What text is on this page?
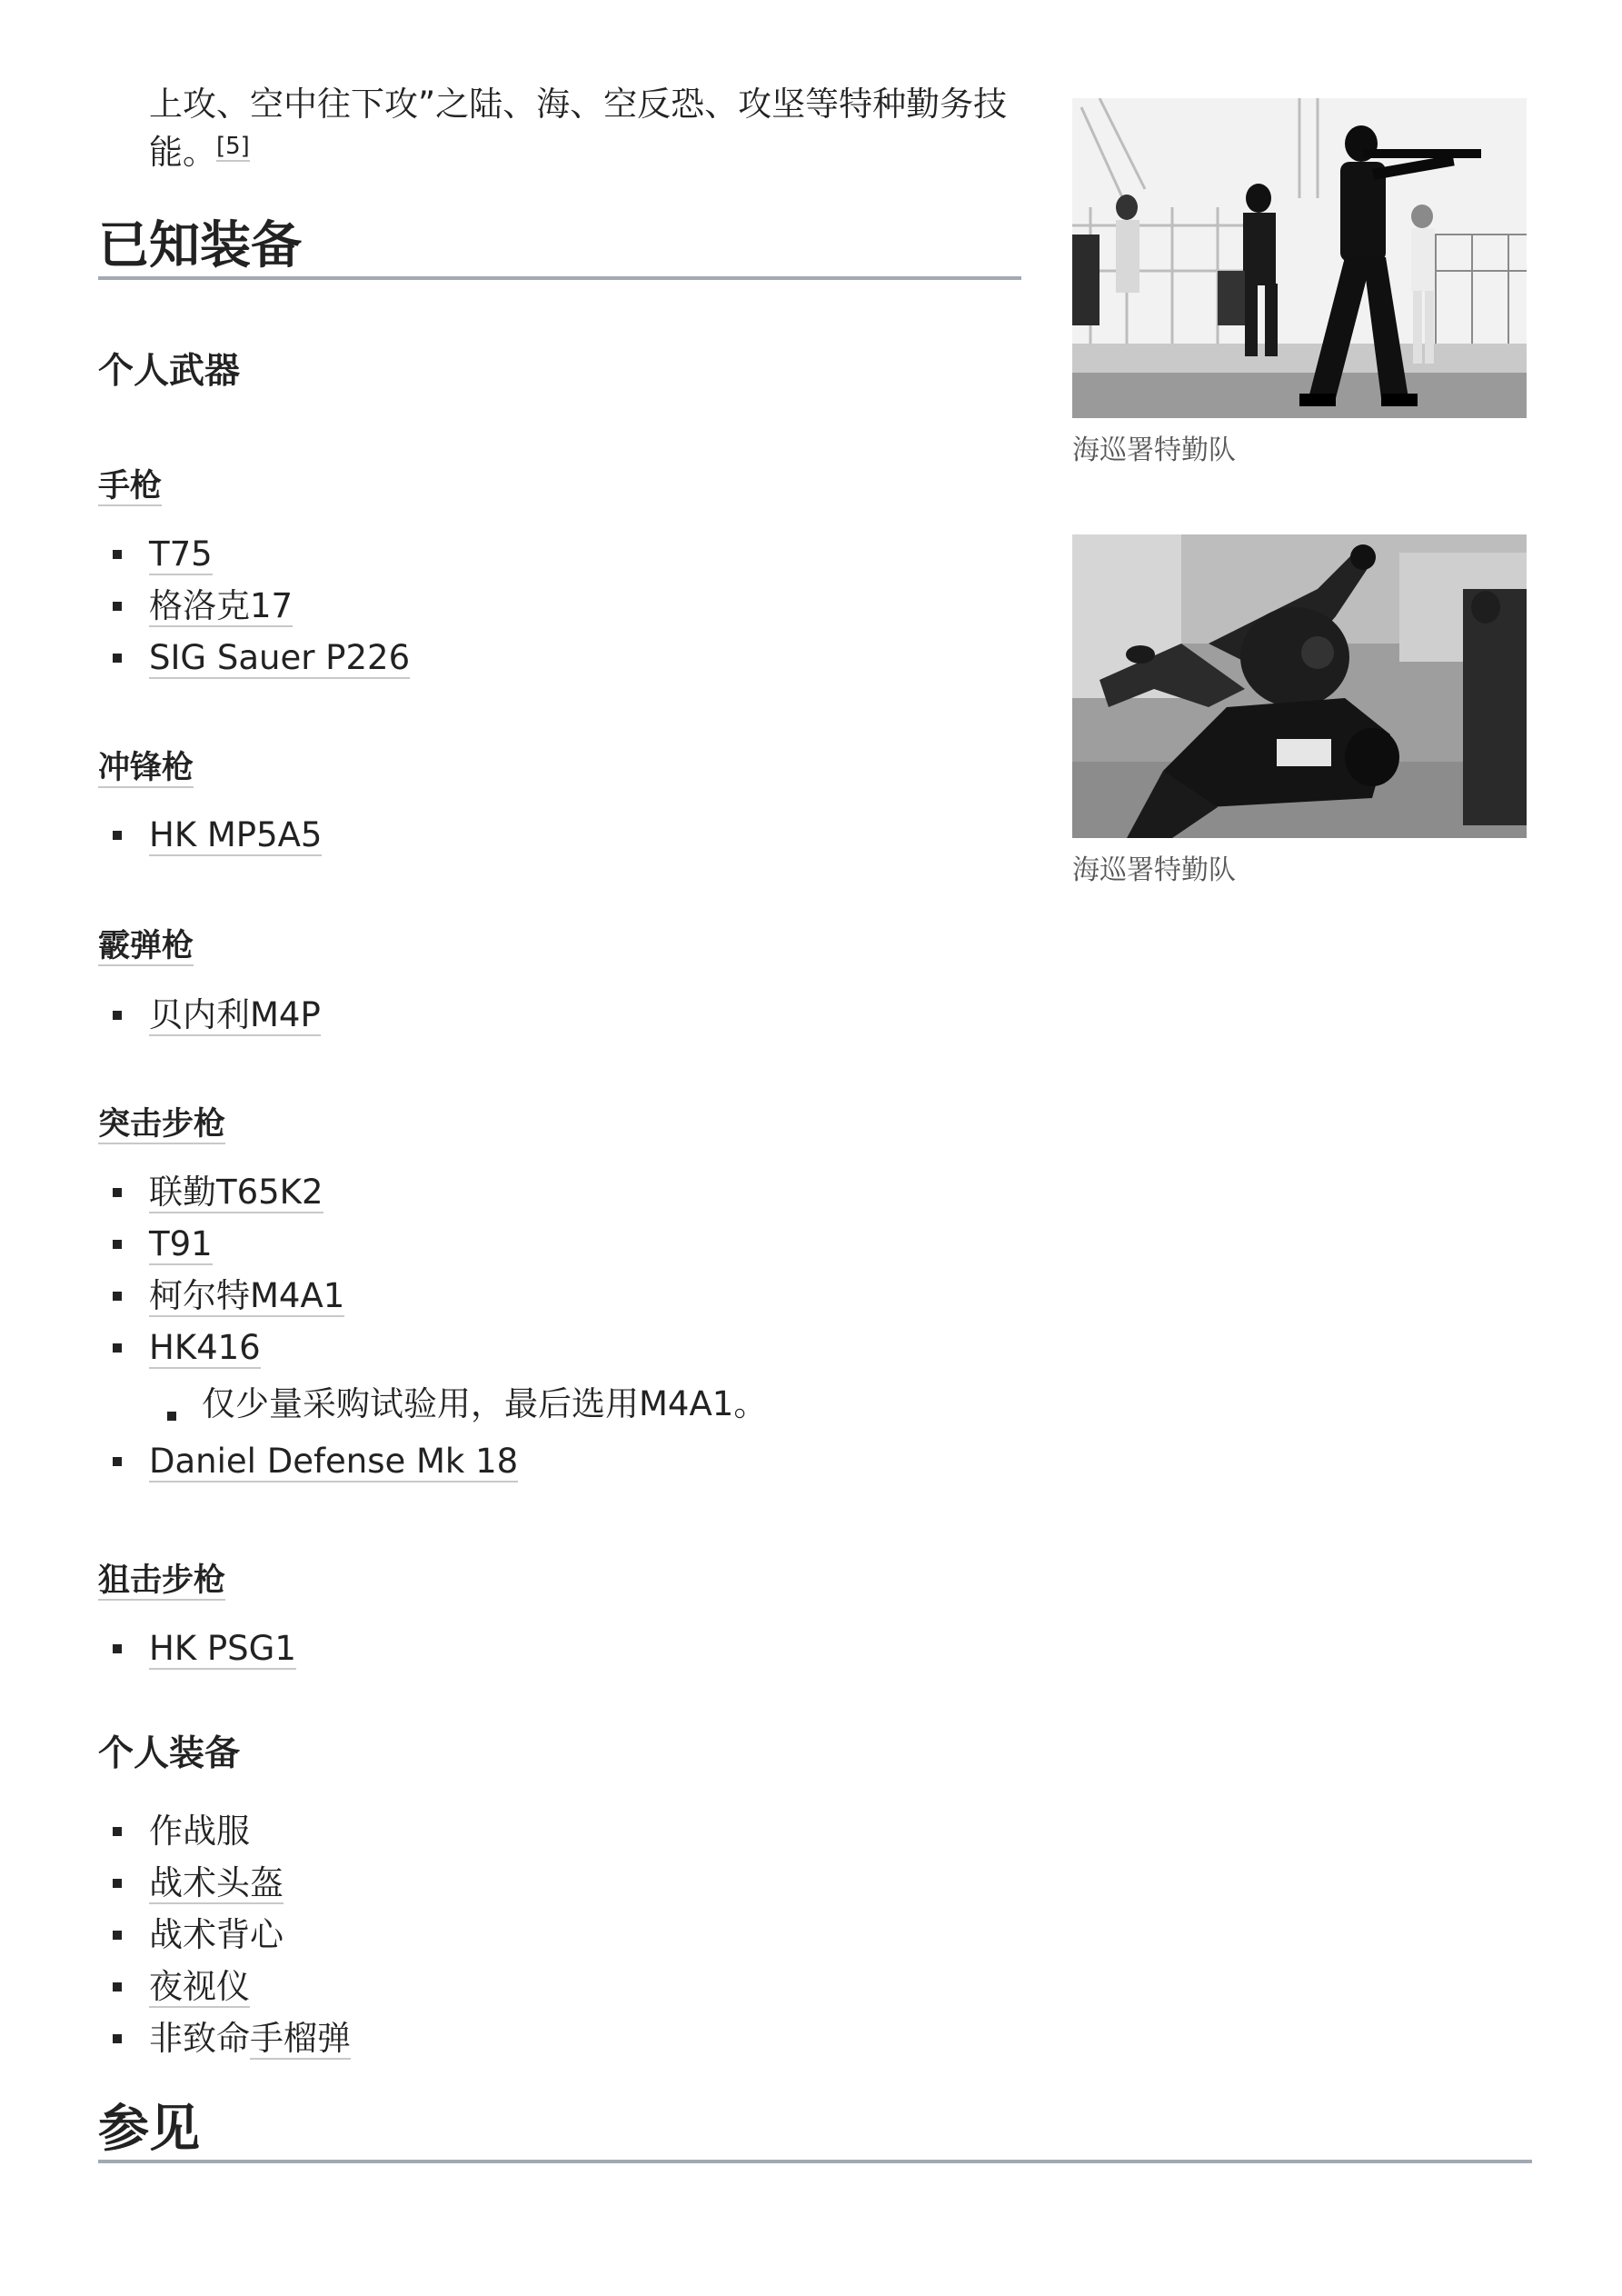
上攻、空中往下攻”之陆、海、空反恐、攻坚等特种勤务技
能。[5]

已知装备
个人武器
手枪
T75
格洛克17
SIG Sauer P226
冲锋枪
HK MP5A5
霰弹枪
贝内利M4P
突击步枪
联勤T65K2
T91
柯尔特M4A1
HK416
仅少量采购试验用，最后选用M4A1。
Daniel Defense Mk 18
狙击步枪
HK PSG1
个人装备
作战服
战术头盔
战术背心
夜视仪
非致命手榴弹
参见
海巡署特勤队
海巡署特勤队
